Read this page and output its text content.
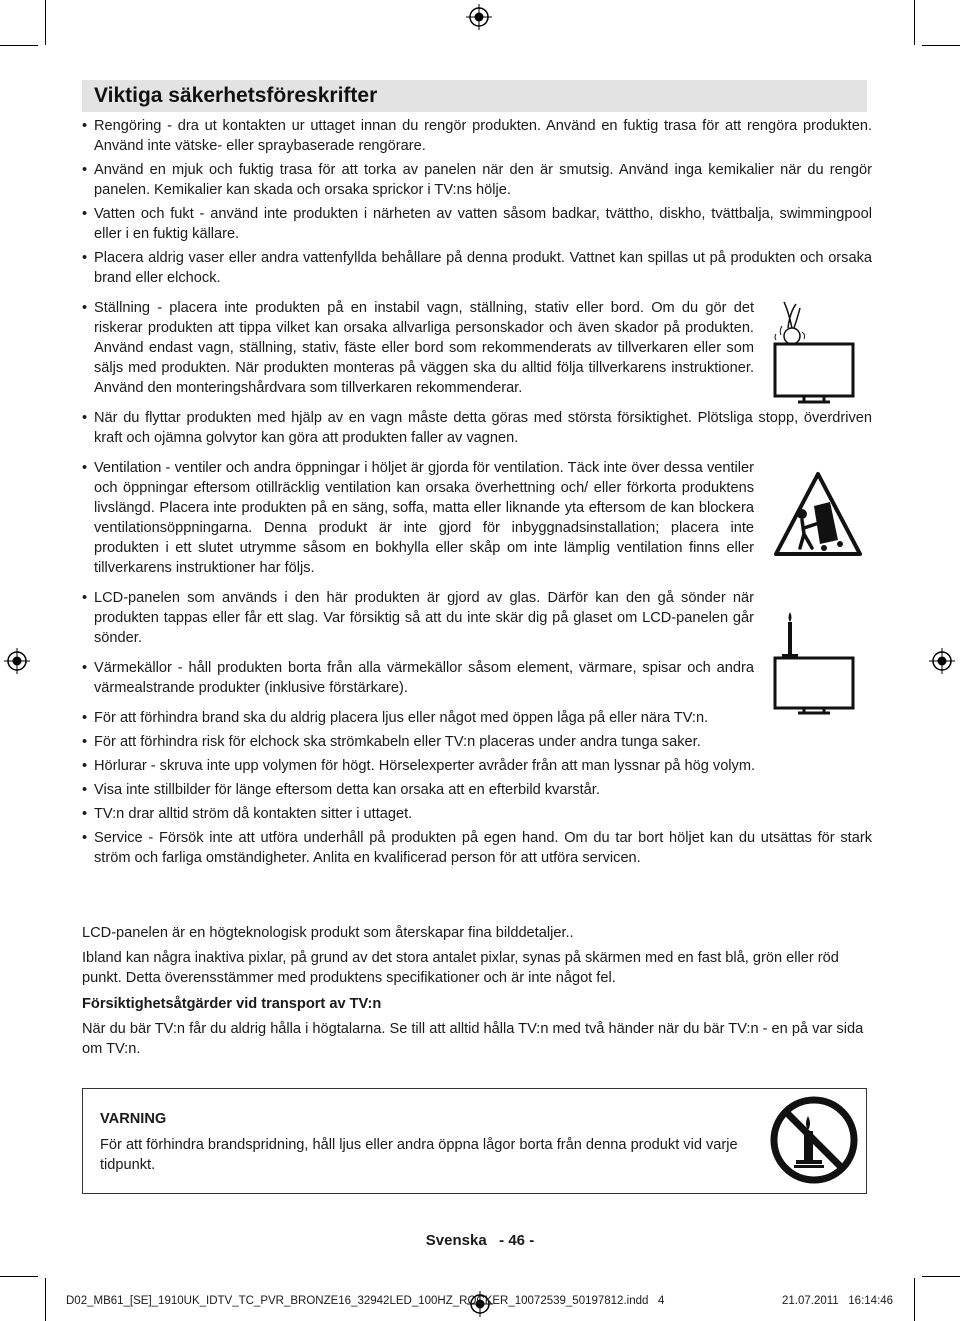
Viktiga säkerhetsföreskrifter
• Rengöring - dra ut kontakten ur uttaget innan du rengör produkten. Använd en fuktig trasa för att rengöra produkten. Använd inte vätske- eller spraybaserade rengörare.
• Använd en mjuk och fuktig trasa för att torka av panelen när den är smutsig. Använd inga kemikalier när du rengör panelen. Kemikalier kan skada och orsaka sprickor i TV:ns hölje.
• Vatten och fukt - använd inte produkten i närheten av vatten såsom badkar, tvättho, diskho, tvättbalja, swimmingpool eller i en fuktig källare.
• Placera aldrig vaser eller andra vattenfyllda behållare på denna produkt. Vattnet kan spillas ut på produkten och orsaka brand eller elchock.
• Ställning - placera inte produkten på en instabil vagn, ställning, stativ eller bord. Om du gör det riskerar produkten att tippa vilket kan orsaka allvarliga personskador och även skador på produkten. Använd endast vagn, ställning, stativ, fäste eller bord som rekommenderats av tillverkaren eller som säljs med produkten. När produkten monteras på väggen ska du alltid följa tillverkarens instruktioner. Använd den monteringshårdvara som tillverkaren rekommenderar.
• När du flyttar produkten med hjälp av en vagn måste detta göras med största försiktighet. Plötsliga stopp, överdriven kraft och ojämna golvytor kan göra att produkten faller av vagnen.
• Ventilation - ventiler och andra öppningar i höljet är gjorda för ventilation. Täck inte över dessa ventiler och öppningar eftersom otillräcklig ventilation kan orsaka överhettning och/ eller förkorta produktens livslängd. Placera inte produkten på en säng, soffa, matta eller liknande yta eftersom de kan blockera ventilationsöppningarna. Denna produkt är inte gjord för inbyggnadsinstallation; placera inte produkten i ett slutet utrymme såsom en bokhylla eller skåp om inte lämplig ventilation finns eller tillverkarens instruktioner har följs.
• LCD-panelen som används i den här produkten är gjord av glas. Därför kan den gå sönder när produkten tappas eller får ett slag. Var försiktig så att du inte skär dig på glaset om LCD-panelen går sönder.
• Värmekällor - håll produkten borta från alla värmekällor såsom element, värmare, spisar och andra värmealstrande produkter (inklusive förstärkare).
• För att förhindra brand ska du aldrig placera ljus eller något med öppen låga på eller nära TV:n.
• För att förhindra risk för elchock ska strömkabeln eller TV:n placeras under andra tunga saker.
• Hörlurar - skruva inte upp volymen för högt. Hörselexperter avråder från att man lyssnar på hög volym.
• Visa inte stillbilder för länge eftersom detta kan orsaka att en efterbild kvarstår.
• TV:n drar alltid ström då kontakten sitter i uttaget.
• Service - Försök inte att utföra underhåll på produkten på egen hand. Om du tar bort höljet kan du utsättas för stark ström och farliga omständigheter. Anlita en kvalificerad person för att utföra servicen.

LCD-panelen är en högteknologisk produkt som återskapar fina bilddetaljer..

Ibland kan några inaktiva pixlar, på grund av det stora antalet pixlar, synas på skärmen med en fast blå, grön eller röd punkt. Detta överensstämmer med produktens specifikationer och är inte något fel.

Försiktighetsåtgärder vid transport av TV:n

När du bär TV:n får du aldrig hålla i högtalarna. Se till att alltid hålla TV:n med två händer när du bär TV:n - en på var sida om TV:n.

VARNING
För att förhindra brandspridning, håll ljus eller andra öppna lågor borta från denna produkt vid varje tidpunkt.
Svenska   - 46 -
D02_MB61_[SE]_1910UK_IDTV_TC_PVR_BRONZE16_32942LED_100HZ_ROCKER_10072539_50197812.indd   4	21.07.2011   16:14:46
